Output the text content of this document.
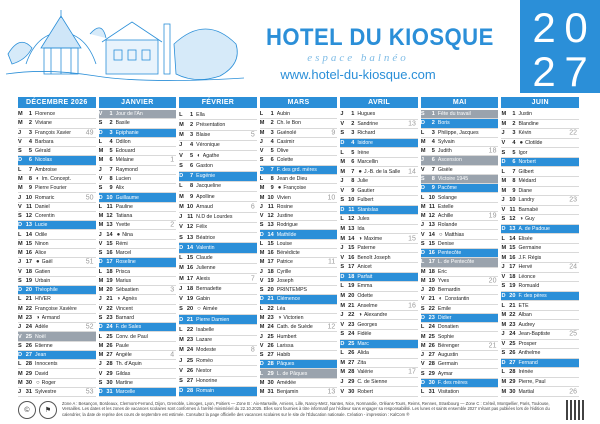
HOTEL DU KIOSQUE
espace balnéo
www.hotel-du-kiosque.com
2 0
2 7
DÉCEMBRE 2026
M	1 Florence
M	2 Viviane
J	3 François Xavier	49
V	4 Barbara
S	5 Gérald
D	6 Nicolas
L	7 Ambroise
M	8 ◐ Im. Concept.
M	9 Pierre Fourier
J 10 Romaric	50
V 11 Daniel
S 12 Corentin
D 13 Lucie
L 14 Odile
M 15 Ninon
M 16 Alice
J 17 ● Gaël	51
V 18 Gatien
S 19 Urbain
D 20 Théophile
L 21 HIVER
M 22 Françoise Xavière
M 23 ◑ Armand
J 24 Adèle	52
V 25 Noël
S 26 Étienne
D 27 Jean
L 28 Innocents
M 29 David
M 30 ○ Roger
J 31 Sylvestre	53
JANVIER
V	1 Jour de l'An
S	2 Basile
D	3 Épiphanie
L	4 Odilon
M	5 Édouard
M	6 Mélaine	1
J	7 Raymond
V	8 Lucien
S	9 Alix
D 10 Guillaume
L 11 Pauline
M 12 Tatiana
M 13 Yvette	2
J 14 ● Nina
V 15 Rémi
S 16 Marcel
D 17 Roseline
L 18 Prisca
M 19 Marius
M 20 Sébastien	3
J 21 ◑ Agnès
V 22 Vincent
S 23 Barnard
D 24 F. de Sales
L 25 Conv. de Paul
M 26 Paule
M 27 Angèle	4
J 28 Th. d'Aquin
V 29 Gildas
S 30 Martine
D 31 Marcelle
FÉVRIER
L	1 Ella
M	2 Présentation
M	3 Blaise	5
J	4 Véronique
V	5 ◐ Agathe
S	6 Gaston
D	7 Eugénie
L	8 Jacqueline
M	9 Apolline
M 10 Arnaud	6
J 11 N.D de Lourdes
V 12 Félix
S 13 Béatrice
D 14 Valentin
L 15 Claude
M 16 Julienne
M 17 Alexis	7
J 18 Bernadette
V 19 Gabin
S 20 ○ Aimée
D 21 Pierre Damien
L 22 Isabelle
M 23 Lazare
M 24 Modeste	8
J 25 Roméo
V 26 Nestor
S 27 Honorine
D 28 Romain
MARS
L	1 Aubin
M	2 Ch. le Bon
M	3 Guénolé	9
J	4 Casimir
V	5 Olive
S	6 Colette
D	7 F. des grd. mères
L	8 Jean de Dieu
M	9 ● Françoise
M 10 Vivien	10
J 11 Rosine
V 12 Justine
S 13 Rodrigue
D 14 Mathilde
L 15 Louise
M 16 Bénédicte
M 17 Patrice	11
J 18 Cyrille
V 19 Joseph
S 20 PRINTEMPS
D 21 Clémence
L 22 Léa
M 23 ◑ Victorien
M 24 Cath. de Suède	12
J 25 Humbert
V 26 Larissa
S 27 Habib
D 28 Pâques
L 29 L. de Pâques
M 30 Amédée
M 31 Benjamin	13
AVRIL
J	1 Hugues
V	2 Sandrine	13
S	3 Richard
D	4 Isidore
L	5 Irène
M	6 Marcellin
M	7 ● J.-B. de la Salle	14
J	8 Julie
V	9 Gautier
S 10 Fulbert
D 11 Stanislas
L 12 Jules
M 13 Ida
M 14 ◑ Maxime	15
J 15 Paterne
V 16 Benoît Joseph
S 17 Anicet
D 18 Parfait
L 19 Emma
M 20 Odette
M 21 Anselme	16
J 22 ◑ Alexandre
V 23 Georges
S 24 Fidèle
D 25 Marc
L 26 Alida
M 27 Zita
M 28 Valérie	17
J 29 C. de Sienne
V 30 Robert
MAI
S	1 Fête du travail
D	2 Boris
L	3 Philippe, Jacques
M	4 Sylvain
M	5 Judith	18
J	6 Ascension
V	7 Gisèle
S	8 Victoire 1945
D	9 Pacôme
L 10 Solange
M 11 Estelle
M 12 Achille	19
J 13 Rolande
V 14 ○ Matthias
S 15 Denise
D 16 Pentecôte
L 17 L. de Pentecôte
M 18 Éric
M 19 Yves	20
J 20 Bernardin
V 21 ◐ Constantin
S 22 Émile
D 23 Didier
L 24 Donatien
M 25 Sophie
M 26 Bérenger	21
J 27 Augustin
V 28 Germain
S 29 Aymar
D 30 F. des mères
L 31 Visitation
JUIN
M	1 Justin
M	2 Blandine
J	3 Kévin	22
V	4 ● Clotilde
S	5 Igor
D	6 Norbert
L	7 Gilbert
M	8 Médard
M	9 Diane
J 10 Landry	23
V 11 Barnabé
S 12 ◑ Guy
D 13 A. de Padoue
L 14 Élisée
M 15 Germaine
M 16 J.F. Régis
J 17 Hervé	24
V 18 Léonce
S 19 Romuald
D 20 F. des pères
L 21 ÉTÉ
M 22 Alban
M 23 Audrey
J 24 Jean-Baptiste	25
V 25 Prosper
S 26 Anthelme
D 27 Fernand
L 28 Irénée
M 29 Pierre, Paul
M 30 Martial	26
©	⚑
Zone A : Besançon, Bordeaux, Clermont-Ferrand, Dijon, Grenoble, Limoges, Lyon, Poitiers — Zone B : Aix-Marseille, Amiens, Lille, Nancy-Metz, Nantes, Nice, Normandie, Orléans-Tours, Reims, Rennes, Strasbourg — Zone C : Créteil, Montpellier, Paris, Toulouse, Versailles. Les dates et les zones de vacances scolaires sont conformes à l'arrêté ministériel du 22.10.2025. Elles sont fournies à titre informatif par l'éditeur sans engager sa responsabilité. Les lunes et saints ensemble 2027 n'étant pas publiées lors de l'édition du calendrier, la date de reprise des cours de septembre est estimée. Consultez la page officielle des vacances scolaires sur le site de l'Éducation nationale. Création - impression : KalCom ®
